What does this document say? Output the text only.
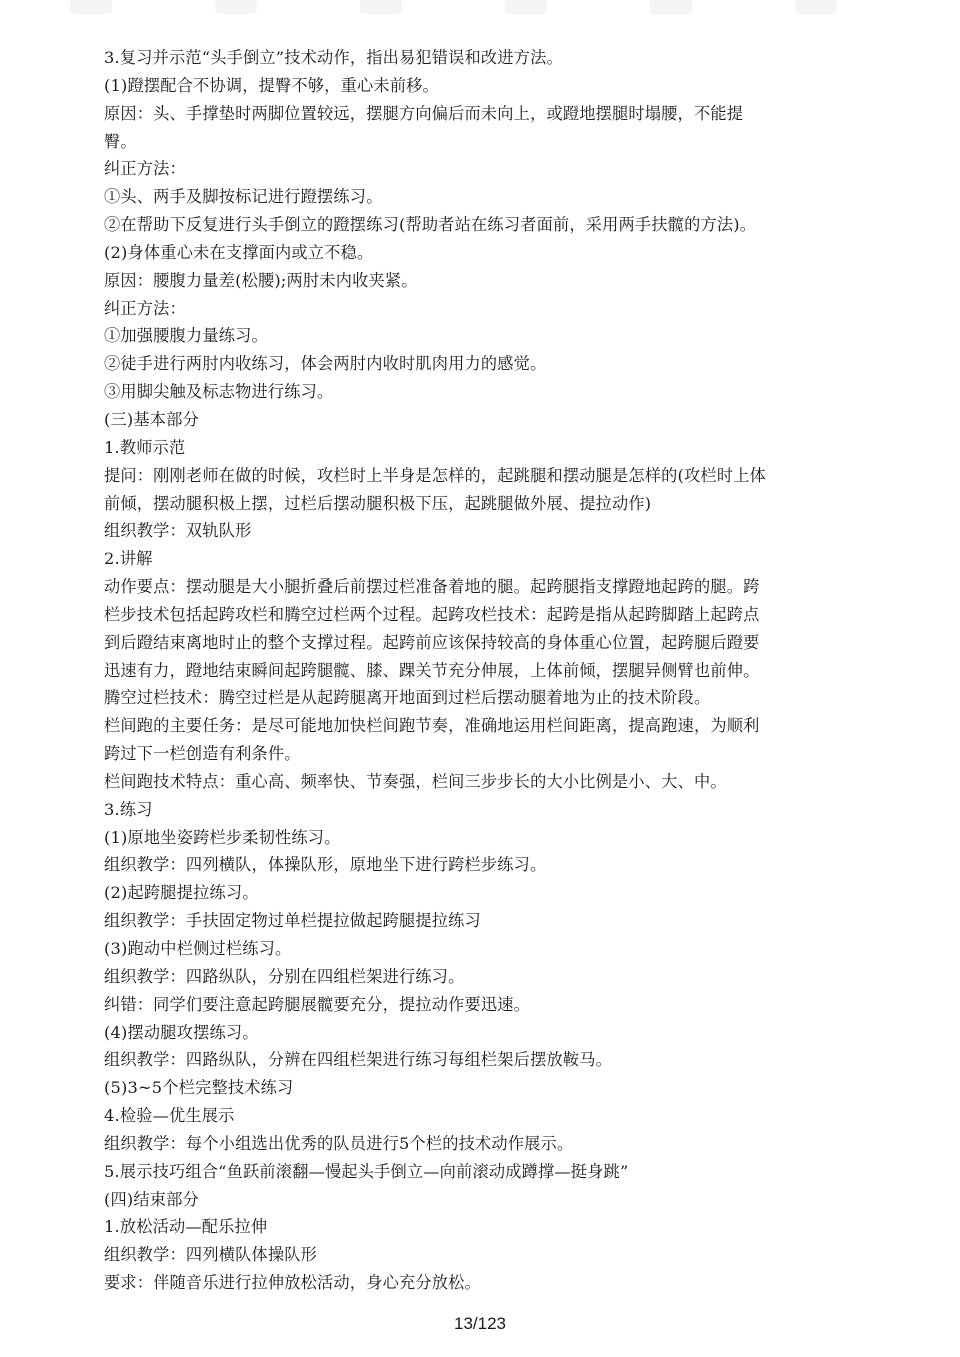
3.复习并示范“头手倒立”技术动作，指出易犯错误和改进方法。
(1)蹬摆配合不协调，提臀不够，重心未前移。
原因：头、手撑垫时两脚位置较远，摆腿方向偏后而未向上，或蹬地摆腿时塌腰，不能提
臀。
纠正方法：
①头、两手及脚按标记进行蹬摆练习。
②在帮助下反复进行头手倒立的蹬摆练习(帮助者站在练习者面前，采用两手扶髋的方法)。
(2)身体重心未在支撑面内或立不稳。
原因：腰腹力量差(松腰);两肘未内收夹紧。
纠正方法：
①加强腰腹力量练习。
②徒手进行两肘内收练习，体会两肘内收时肌肉用力的感觉。
③用脚尖触及标志物进行练习。
(三)基本部分
1.教师示范
提问：刚刚老师在做的时候，攻栏时上半身是怎样的，起跳腿和摆动腿是怎样的(攻栏时上体
前倾，摆动腿积极上摆，过栏后摆动腿积极下压，起跳腿做外展、提拉动作)
组织教学：双轨队形
2.讲解
动作要点：摆动腿是大小腿折叠后前摆过栏准备着地的腿。起跨腿指支撑蹬地起跨的腿。跨
栏步技术包括起跨攻栏和腾空过栏两个过程。起跨攻栏技术：起跨是指从起跨脚踏上起跨点
到后蹬结束离地时止的整个支撑过程。起跨前应该保持较高的身体重心位置，起跨腿后蹬要
迅速有力，蹬地结束瞬间起跨腿髋、膝、踝关节充分伸展，上体前倾，摆腿异侧臂也前伸。
腾空过栏技术：腾空过栏是从起跨腿离开地面到过栏后摆动腿着地为止的技术阶段。
栏间跑的主要任务：是尽可能地加快栏间跑节奏，准确地运用栏间距离，提高跑速，为顺利
跨过下一栏创造有利条件。
栏间跑技术特点：重心高、频率快、节奏强，栏间三步步长的大小比例是小、大、中。
3.练习
(1)原地坐姿跨栏步柔韧性练习。
组织教学：四列横队，体操队形，原地坐下进行跨栏步练习。
(2)起跨腿提拉练习。
组织教学：手扶固定物过单栏提拉做起跨腿提拉练习
(3)跑动中栏侧过栏练习。
组织教学：四路纵队，分别在四组栏架进行练习。
纠错：同学们要注意起跨腿展髋要充分，提拉动作要迅速。
(4)摆动腿攻摆练习。
组织教学：四路纵队，分辨在四组栏架进行练习每组栏架后摆放鞍马。
(5)3~5个栏完整技术练习
4.检验—优生展示
组织教学：每个小组选出优秀的队员进行5个栏的技术动作展示。
5.展示技巧组合“鱼跃前滚翻—慢起头手倒立—向前滚动成蹲撑—挺身跳”
(四)结束部分
1.放松活动—配乐拉伸
组织教学：四列横队体操队形
要求：伴随音乐进行拉伸放松活动，身心充分放松。
13/123
